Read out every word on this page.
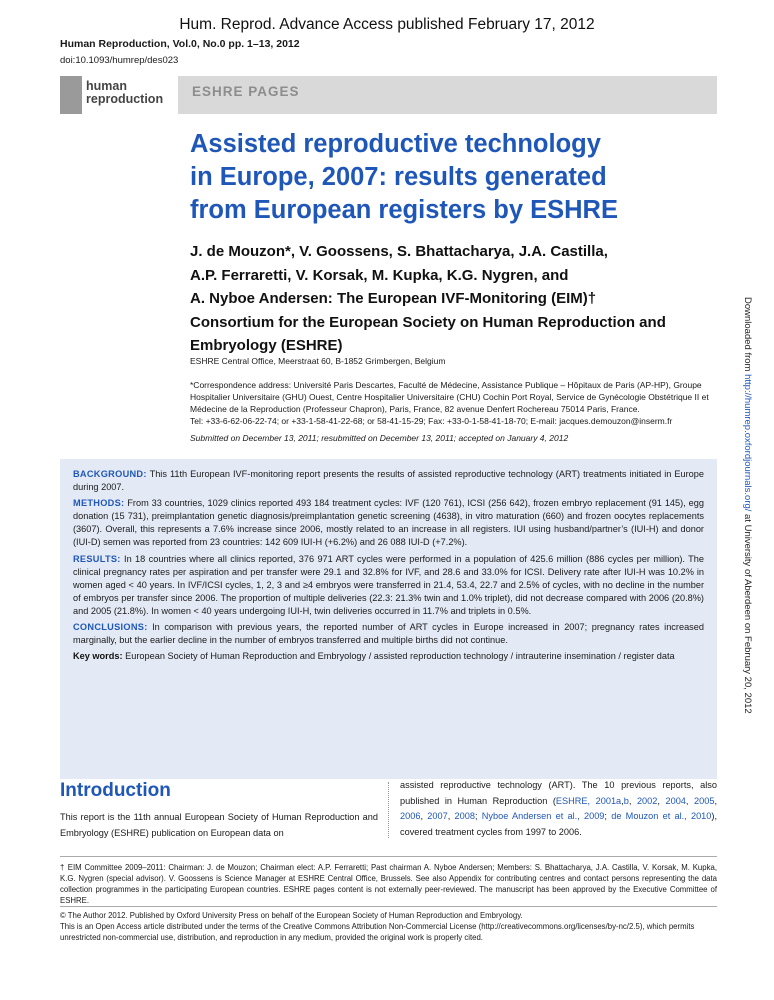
Hum. Reprod. Advance Access published February 17, 2012
Human Reproduction, Vol.0, No.0 pp. 1–13, 2012
doi:10.1093/humrep/des023
human
reproduction ESHRE PAGES
Assisted reproductive technology
in Europe, 2007: results generated
from European registers by ESHRE
J. de Mouzon*, V. Goossens, S. Bhattacharya, J.A. Castilla,
A.P. Ferraretti, V. Korsak, M. Kupka, K.G. Nygren, and
A. Nyboe Andersen: The European IVF-Monitoring (EIM)†
Consortium for the European Society on Human Reproduction and
Embryology (ESHRE)
ESHRE Central Office, Meerstraat 60, B-1852 Grimbergen, Belgium
*Correspondence address: Université Paris Descartes, Faculté de Médecine, Assistance Publique – Hôpitaux de Paris (AP-HP), Groupe Hospitalier Universitaire (GHU) Ouest, Centre Hospitalier Universitaire (CHU) Cochin Port Royal, Service de Gynécologie Obstétrique II et Médecine de la Reproduction (Professeur Chapron), Paris, France, 82 avenue Denfert Rochereau 75014 Paris, France.
Tel: +33-6-62-06-22-74; or +33-1-58-41-22-68; or 58-41-15-29; Fax: +33-0-1-58-41-18-70; E-mail: jacques.demouzon@inserm.fr
Submitted on December 13, 2011; resubmitted on December 13, 2011; accepted on January 4, 2012

BACKGROUND: This 11th European IVF-monitoring report presents the results of assisted reproductive technology (ART) treatments initiated in Europe during 2007.

METHODS: From 33 countries, 1029 clinics reported 493 184 treatment cycles: IVF (120 761), ICSI (256 642), frozen embryo replacement (91 145), egg donation (15 731), preimplantation genetic diagnosis/preimplantation genetic screening (4638), in vitro maturation (660) and frozen oocytes replacements (3607). Overall, this represents a 7.6% increase since 2006, mostly related to an increase in all registers. IUI using husband/partner’s (IUI-H) and donor (IUI-D) semen was reported from 23 countries: 142 609 IUI-H (+6.2%) and 26 088 IUI-D (+7.2%).

RESULTS: In 18 countries where all clinics reported, 376 971 ART cycles were performed in a population of 425.6 million (886 cycles per million). The clinical pregnancy rates per aspiration and per transfer were 29.1 and 32.8% for IVF, and 28.6 and 33.0% for ICSI. Delivery rate after IUI-H was 10.2% in women aged < 40 years. In IVF/ICSI cycles, 1, 2, 3 and ≥4 embryos were transferred in 21.4, 53.4, 22.7 and 2.5% of cycles, with no decline in the number of embryos per transfer since 2006. The proportion of multiple deliveries (22.3: 21.3% twin and 1.0% triplet), did not decrease compared with 2006 (20.8%) and 2005 (21.8%). In women < 40 years undergoing IUI-H, twin deliveries occurred in 11.7% and triplets in 0.5%.

CONCLUSIONS: In comparison with previous years, the reported number of ART cycles in Europe increased in 2007; pregnancy rates increased marginally, but the earlier decline in the number of embryos transferred and multiple births did not continue.

Key words: European Society of Human Reproduction and Embryology / assisted reproduction technology / intrauterine insemination / register data

Downloaded from http://humrep.oxfordjournals.org/ at University of Aberdeen on February 20, 2012
Introduction
This report is the 11th annual European Society of Human Reproduction and Embryology (ESHRE) publication on European data on
assisted reproductive technology (ART). The 10 previous reports, also published in Human Reproduction (ESHRE, 2001a,b, 2002, 2004, 2005, 2006, 2007, 2008; Nyboe Andersen et al., 2009; de Mouzon et al., 2010), covered treatment cycles from 1997 to 2006.
† EIM Committee 2009–2011: Chairman: J. de Mouzon; Chairman elect: A.P. Ferraretti; Past chairman A. Nyboe Andersen; Members: S. Bhattacharya, J.A. Castilla, V. Korsak, M. Kupka, K.G. Nygren (special advisor). V. Goossens is Science Manager at ESHRE Central Office, Brussels. See also Appendix for contributing centres and contact persons representing the data collection programmes in the participating European countries. ESHRE pages content is not externally peer-reviewed. The manuscript has been approved by the Executive Committee of ESHRE.
© The Author 2012. Published by Oxford University Press on behalf of the European Society of Human Reproduction and Embryology.
This is an Open Access article distributed under the terms of the Creative Commons Attribution Non-Commercial License (http://creativecommons.org/licenses/by-nc/2.5), which permits unrestricted non-commercial use, distribution, and reproduction in any medium, provided the original work is properly cited.
